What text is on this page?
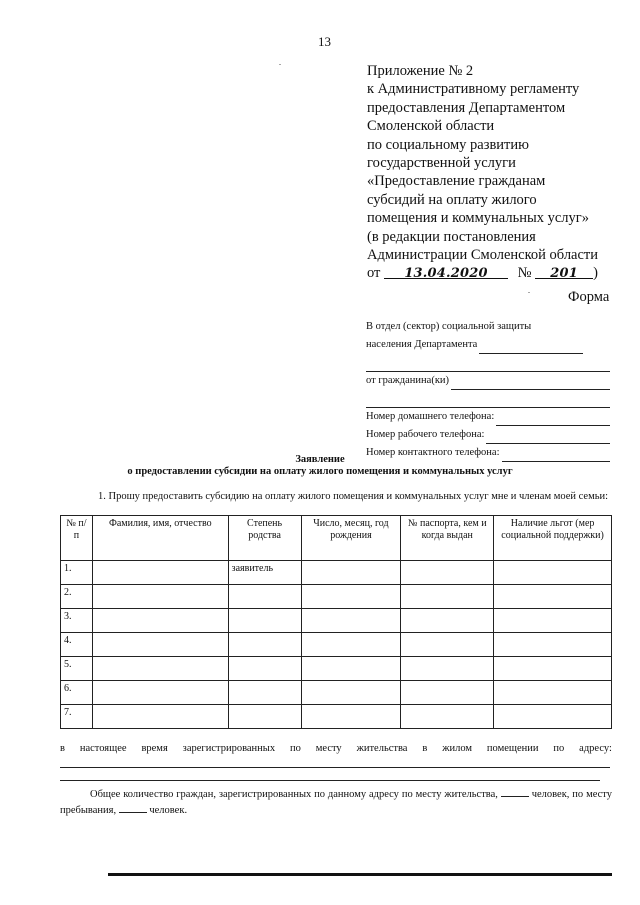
13
.
Приложение № 2
к Административному регламенту
предоставления Департаментом
Смоленской области
по социальному развитию
государственной услуги
«Предоставление гражданам
субсидий на оплату жилого
помещения и коммунальных услуг»
(в редакции постановления
Администрации Смоленской области
от 13.04.2020 № 201 )
.	Форма
В отдел (сектор) социальной защиты
населения Департамента
от гражданина(ки)
Номер домашнего телефона:
Номер рабочего телефона:
Номер контактного телефона:
Заявление
о предоставлении субсидии на оплату жилого помещения и коммунальных услуг
1. Прошу предоставить субсидию на оплату жилого помещения и коммунальных услуг мне и членам моей семьи:
№ п/п	Фамилия, имя, отчество	Степень родства	Число, месяц, год рождения	№ паспорта, кем и когда выдан	Наличие льгот (мер социальной поддержки)
1.		заявитель			
2.					
3.					
4.					
5.					
6.					
7.					
в настоящее время зарегистрированных по месту жительства в жилом помещении по адресу:
Общее количество граждан, зарегистрированных по данному адресу по месту жительства,	человек, по месту пребывания,	человек.
